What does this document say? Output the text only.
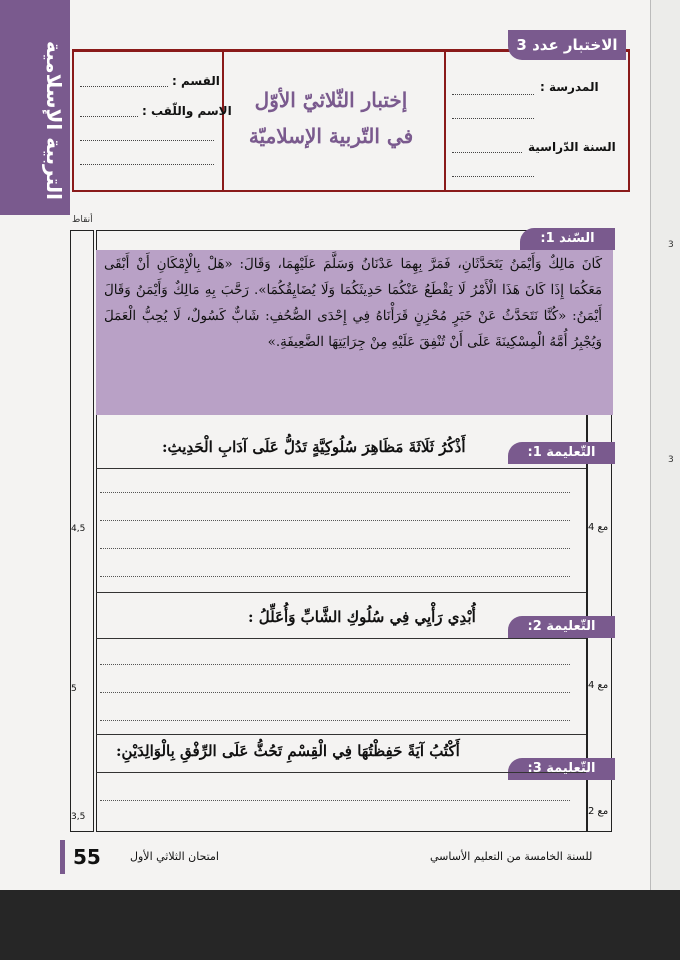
3
3
التربية الإسلامية	الاختبار عدد 3
المدرسة :
السنة الدّراسية
إختبار الثّلاثيّ الأوّل
في التّربية الإسلاميّة
القسم :
الاسم واللّقب :
أنقاط
السّند 1:
كَانَ مَالِكٌ وَأَيْمَنُ يَتَحَدَّثَانِ، فَمَرَّ بِهِمَا عَدْنَانُ وَسَلَّمَ عَلَيْهِمَا، وَقَالَ: «هَلْ بِالْإِمْكَانِ أَنْ أَبْقَى مَعَكُمَا إِذَا كَانَ هَذَا الْأَمْرُ لَا يَقْطَعُ عَنْكُمَا حَدِيثَكُمَا وَلَا يُضَايِقُكُمَا». رَحَّبَ بِهِ مَالِكٌ وَأَيْمَنُ وَقَالَ أَيْمَنُ: «كُنَّا نَتَحَدَّثُ عَنْ خَبَرٍ مُحْزِنٍ قَرَأْنَاهُ فِي إِحْدَى الصُّحُفِ: شَابٌّ كَسُولٌ، لَا يُحِبُّ الْعَمَلَ وَيُجْبِرُ أُمَّهُ الْمِسْكِينَةَ عَلَى أَنْ تُنْفِقَ عَلَيْهِ مِنْ جِرَايَتِهَا الضَّعِيفَةِ.»
التّعليمة 1:
أَذْكُرُ ثَلَاثَةَ مَظَاهِرَ سُلُوكِيَّةٍ تَدُلُّ عَلَى آدَابِ الْحَدِيثِ:
مع 4
4,5
التّعليمة 2:
أُبْدِي رَأْيِي فِي سُلُوكِ الشَّابِّ وَأُعَلِّلُ :
مع 4
5
التّعليمة 3:
أَكْتُبُ آيَةً حَفِظْتُهَا فِي الْقِسْمِ تَحُثُّ عَلَى الرِّفْقِ بِالْوَالِدَيْنِ:
مع 2
3,5
55	امتحان الثلاثي الأول	للسنة الخامسة من التعليم الأساسي
